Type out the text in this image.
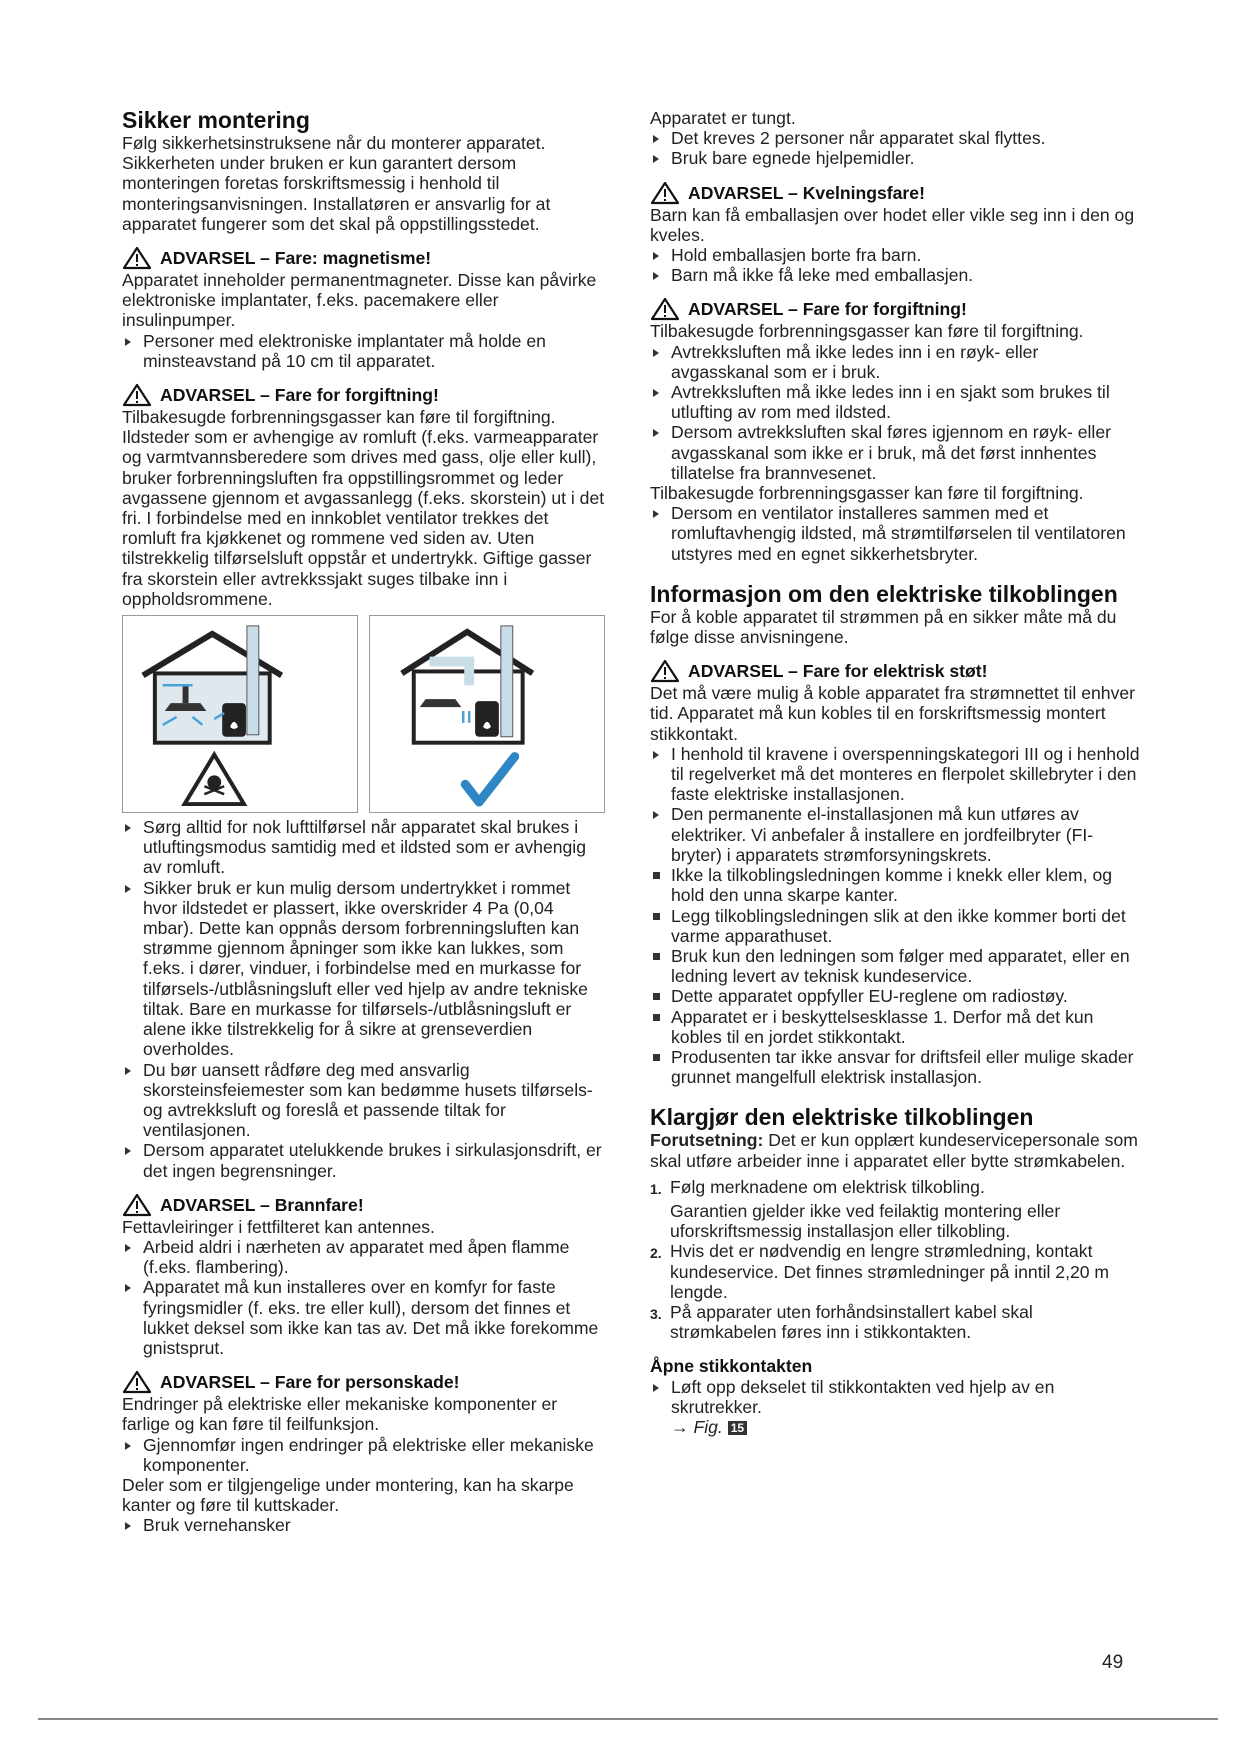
Sikker montering

Følg sikkerhetsinstruksene når du monterer apparatet.

Sikkerheten under bruken er kun garantert dersom monteringen foretas forskriftsmessig i henhold til monteringsanvisningen. Installatøren er ansvarlig for at apparatet fungerer som det skal på oppstillingsstedet.

ADVARSEL – Fare: magnetisme!

Apparatet inneholder permanentmagneter. Disse kan påvirke elektroniske implantater, f.eks. pacemakere eller insulinpumper.

Personer med elektroniske implantater må holde en minsteavstand på 10 cm til apparatet.
ADVARSEL – Fare for forgiftning!

Tilbakesugde forbrenningsgasser kan føre til forgiftning. Ildsteder som er avhengige av romluft (f.eks. varmeapparater og varmtvannsberedere som drives med gass, olje eller kull), bruker forbrenningsluften fra oppstillingsrommet og leder avgassene gjennom et avgassanlegg (f.eks. skorstein) ut i det fri. I forbindelse med en innkoblet ventilator trekkes det romluft fra kjøkkenet og rommene ved siden av. Uten tilstrekkelig tilførselsluft oppstår et undertrykk. Giftige gasser fra skorstein eller avtrekkssjakt suges tilbake inn i oppholdsrommene.

Sørg alltid for nok lufttilførsel når apparatet skal brukes i utluftingsmodus samtidig med et ildsted som er avhengig av romluft.
Sikker bruk er kun mulig dersom undertrykket i rommet hvor ildstedet er plassert, ikke overskrider 4 Pa (0,04 mbar). Dette kan oppnås dersom forbrenningsluften kan strømme gjennom åpninger som ikke kan lukkes, som f.eks. i dører, vinduer, i forbindelse med en murkasse for tilførsels-/utblåsningsluft eller ved hjelp av andre tekniske tiltak. Bare en murkasse for tilførsels-/utblåsningsluft er alene ikke tilstrekkelig for å sikre at grenseverdien overholdes.
Du bør uansett rådføre deg med ansvarlig skorsteinsfeiemester som kan bedømme husets tilførsels- og avtrekksluft og foreslå et passende tiltak for ventilasjonen.
Dersom apparatet utelukkende brukes i sirkulasjonsdrift, er det ingen begrensninger.
ADVARSEL – Brannfare!

Fettavleiringer i fettfilteret kan antennes.

Arbeid aldri i nærheten av apparatet med åpen flamme (f.eks. flambering).
Apparatet må kun installeres over en komfyr for faste fyringsmidler (f. eks. tre eller kull), dersom det finnes et lukket deksel som ikke kan tas av. Det må ikke forekomme gnistsprut.
ADVARSEL – Fare for personskade!

Endringer på elektriske eller mekaniske komponenter er farlige og kan føre til feilfunksjon.

Gjennomfør ingen endringer på elektriske eller mekaniske komponenter.

Deler som er tilgjengelige under montering, kan ha skarpe kanter og føre til kuttskader.

Bruk vernehansker

Apparatet er tungt.

Det kreves 2 personer når apparatet skal flyttes.
Bruk bare egnede hjelpemidler.
ADVARSEL – Kvelningsfare!

Barn kan få emballasjen over hodet eller vikle seg inn i den og kveles.

Hold emballasjen borte fra barn.
Barn må ikke få leke med emballasjen.
ADVARSEL – Fare for forgiftning!

Tilbakesugde forbrenningsgasser kan føre til forgiftning.

Avtrekksluften må ikke ledes inn i en røyk- eller avgasskanal som er i bruk.
Avtrekksluften må ikke ledes inn i en sjakt som brukes til utlufting av rom med ildsted.
Dersom avtrekksluften skal føres igjennom en røyk- eller avgasskanal som ikke er i bruk, må det først innhentes tillatelse fra brannvesenet.

Tilbakesugde forbrenningsgasser kan føre til forgiftning.

Dersom en ventilator installeres sammen med et romluftavhengig ildsted, må strømtilførselen til ventilatoren utstyres med en egnet sikkerhetsbryter.

Informasjon om den elektriske tilkoblingen

For å koble apparatet til strømmen på en sikker måte må du følge disse anvisningene.

ADVARSEL – Fare for elektrisk støt!

Det må være mulig å koble apparatet fra strømnettet til enhver tid. Apparatet må kun kobles til en forskriftsmessig montert stikkontakt.

I henhold til kravene i overspenningskategori III og i henhold til regelverket må det monteres en flerpolet skillebryter i den faste elektriske installasjonen.
Den permanente el-installasjonen må kun utføres av elektriker. Vi anbefaler å installere en jordfeilbryter (FI-bryter) i apparatets strømforsyningskrets.
Ikke la tilkoblingsledningen komme i knekk eller klem, og hold den unna skarpe kanter.
Legg tilkoblingsledningen slik at den ikke kommer borti det varme apparathuset.
Bruk kun den ledningen som følger med apparatet, eller en ledning levert av teknisk kundeservice.
Dette apparatet oppfyller EU-reglene om radiostøy.
Apparatet er i beskyttelsesklasse 1. Derfor må det kun kobles til en jordet stikkontakt.
Produsenten tar ikke ansvar for driftsfeil eller mulige skader grunnet mangelfull elektrisk installasjon.

Klargjør den elektriske tilkoblingen

Forutsetning: Det er kun opplært kundeservicepersonale som skal utføre arbeider inne i apparatet eller bytte strømkabelen.

1. Følg merknadene om elektrisk tilkobling.

Garantien gjelder ikke ved feilaktig montering eller uforskriftsmessig installasjon eller tilkobling.

2. Hvis det er nødvendig en lengre strømledning, kontakt kundeservice. Det finnes strømledninger på inntil 2,20 m lengde.
3. På apparater uten forhåndsinstallert kabel skal strømkabelen føres inn i stikkontakten.

Åpne stikkontakten

Løft opp dekselet til stikkontakten ved hjelp av en skrutrekker.

→ Fig. 15

49
